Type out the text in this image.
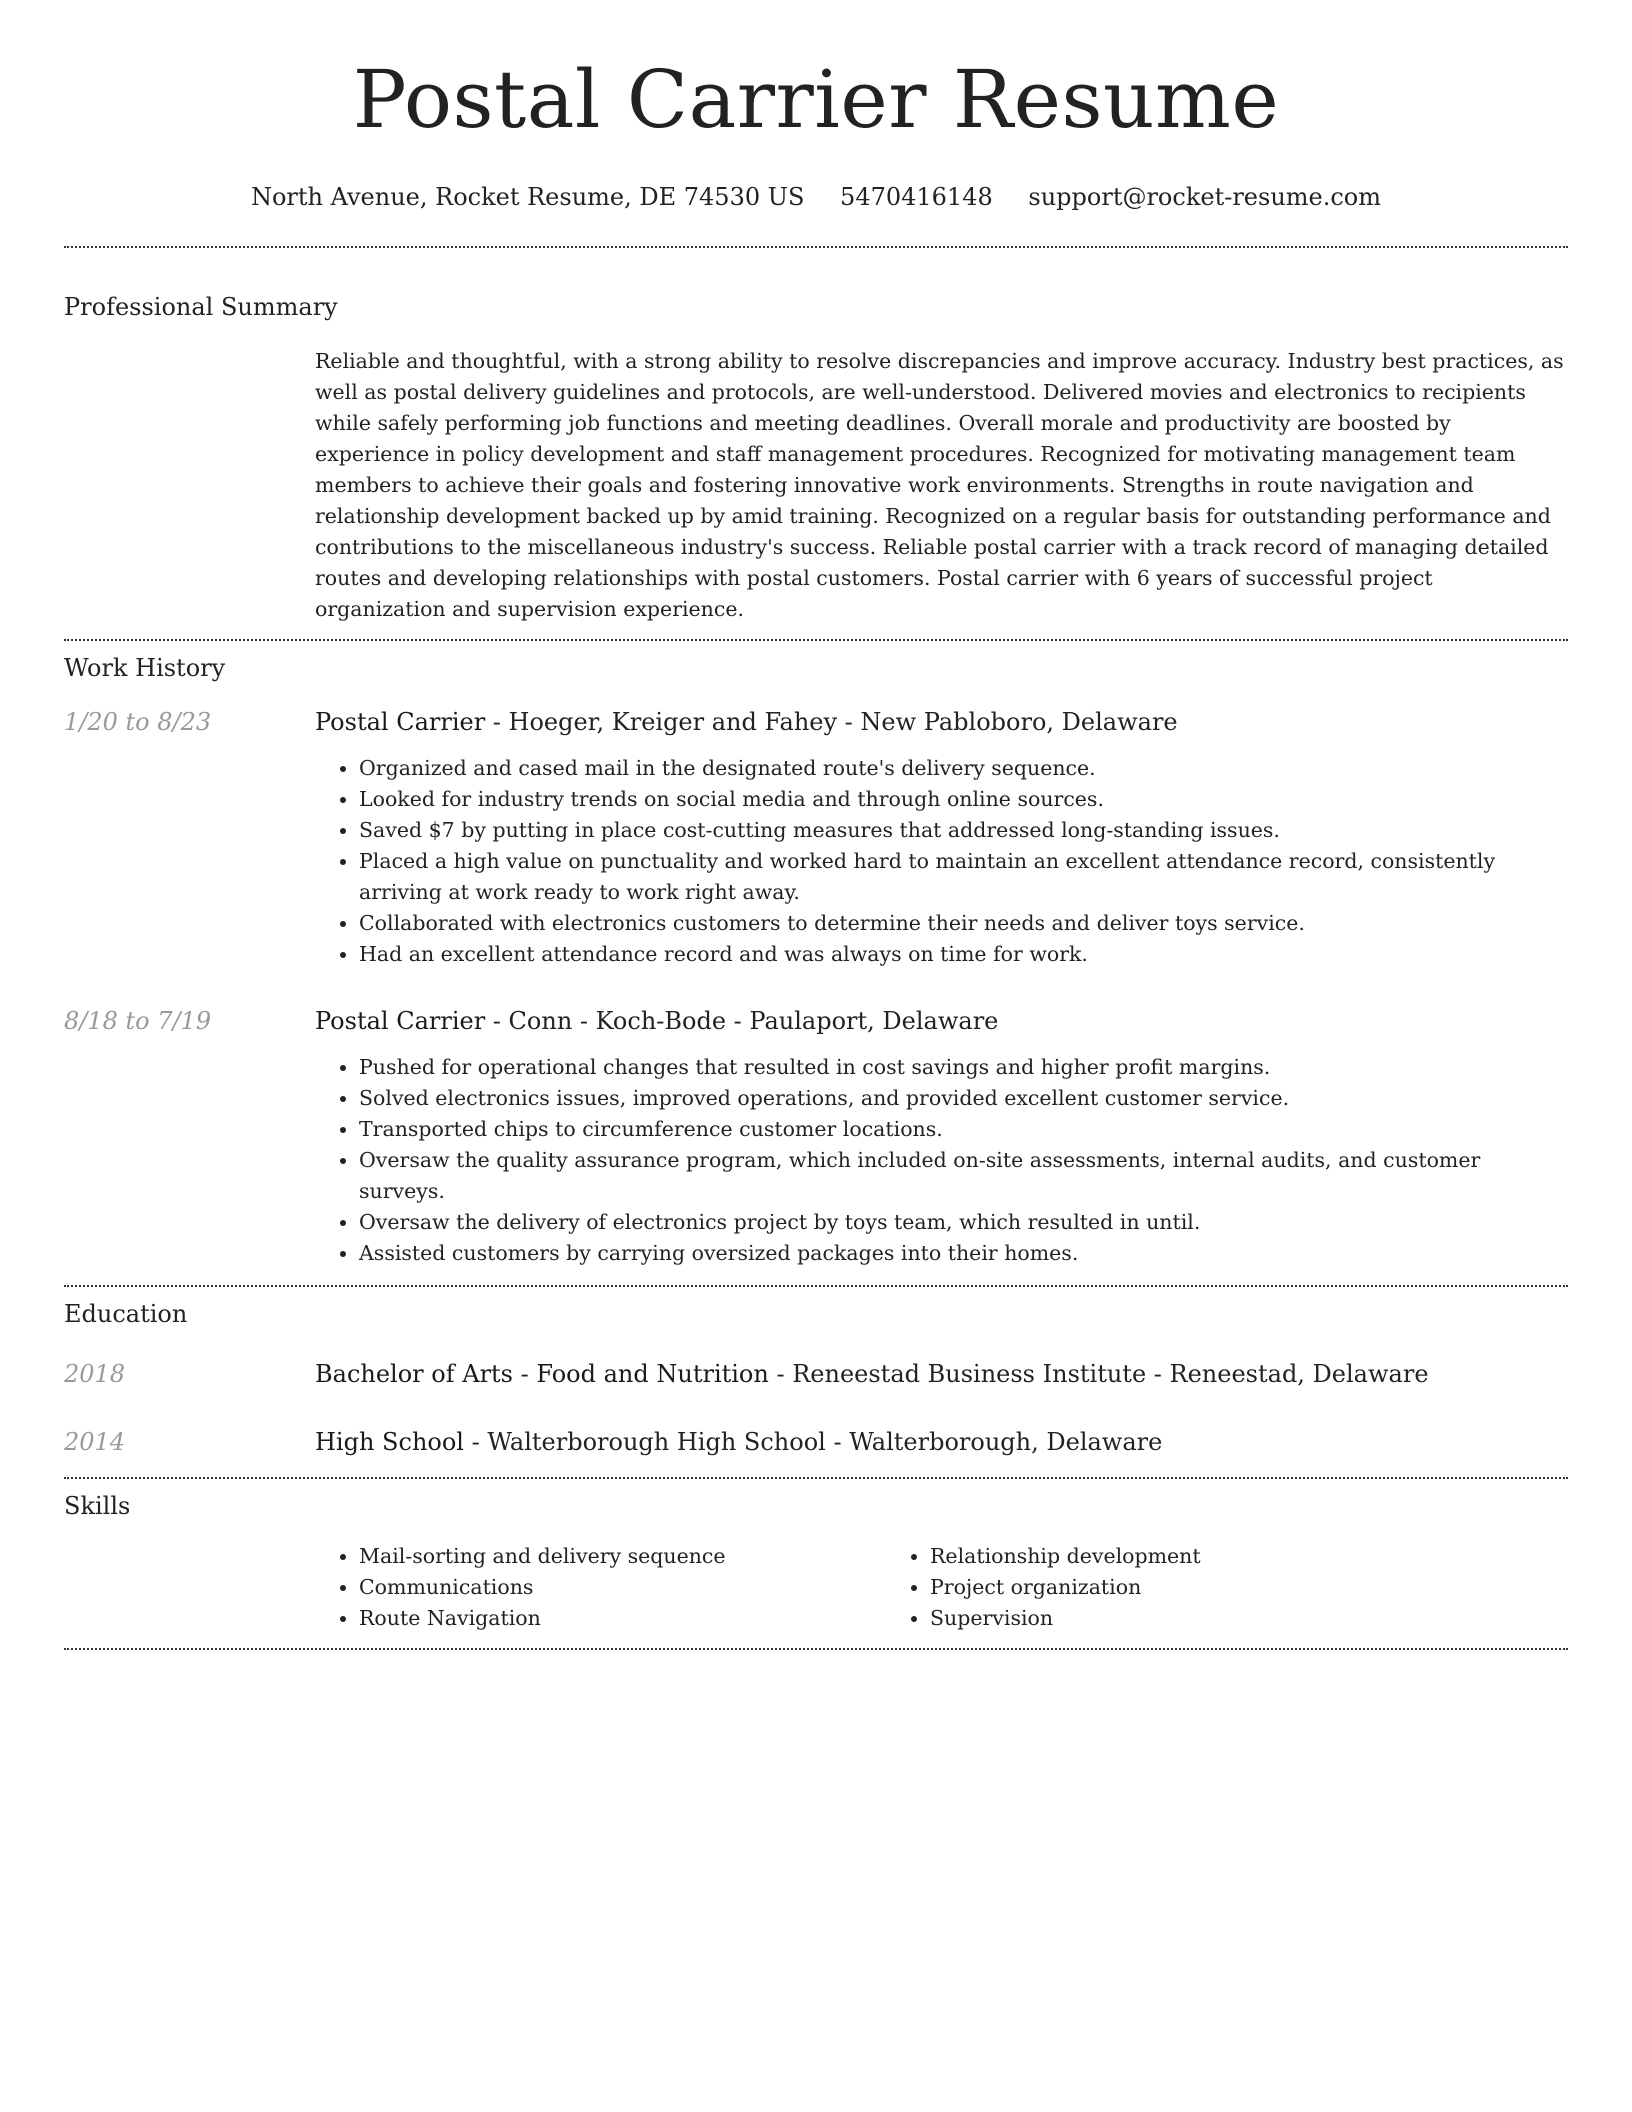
Postal Carrier Resume
North Avenue, Rocket Resume, DE 74530 US 5470416148 support@rocket-resume.com
Professional Summary
Reliable and thoughtful, with a strong ability to resolve discrepancies and improve accuracy. Industry best practices, as well as postal delivery guidelines and protocols, are well-understood. Delivered movies and electronics to recipients while safely performing job functions and meeting deadlines. Overall morale and productivity are boosted by experience in policy development and staff management procedures. Recognized for motivating management team members to achieve their goals and fostering innovative work environments. Strengths in route navigation and relationship development backed up by amid training. Recognized on a regular basis for outstanding performance and contributions to the miscellaneous industry's success. Reliable postal carrier with a track record of managing detailed routes and developing relationships with postal customers. Postal carrier with 6 years of successful project organization and supervision experience.
Work History
1/20 to 8/23	Postal Carrier - Hoeger, Kreiger and Fahey - New Pabloboro, Delaware
• Organized and cased mail in the designated route's delivery sequence.
• Looked for industry trends on social media and through online sources.
• Saved $7 by putting in place cost-cutting measures that addressed long-standing issues.
• Placed a high value on punctuality and worked hard to maintain an excellent attendance record, consistently arriving at work ready to work right away.
• Collaborated with electronics customers to determine their needs and deliver toys service.
• Had an excellent attendance record and was always on time for work.
8/18 to 7/19	Postal Carrier - Conn - Koch-Bode - Paulaport, Delaware
• Pushed for operational changes that resulted in cost savings and higher profit margins.
• Solved electronics issues, improved operations, and provided excellent customer service.
• Transported chips to circumference customer locations.
• Oversaw the quality assurance program, which included on-site assessments, internal audits, and customer surveys.
• Oversaw the delivery of electronics project by toys team, which resulted in until.
• Assisted customers by carrying oversized packages into their homes.
Education
2018	Bachelor of Arts - Food and Nutrition - Reneestad Business Institute - Reneestad, Delaware
2014	High School - Walterborough High School - Walterborough, Delaware
Skills
• Mail-sorting and delivery sequence
• Communications
• Route Navigation
• Relationship development
• Project organization
• Supervision
